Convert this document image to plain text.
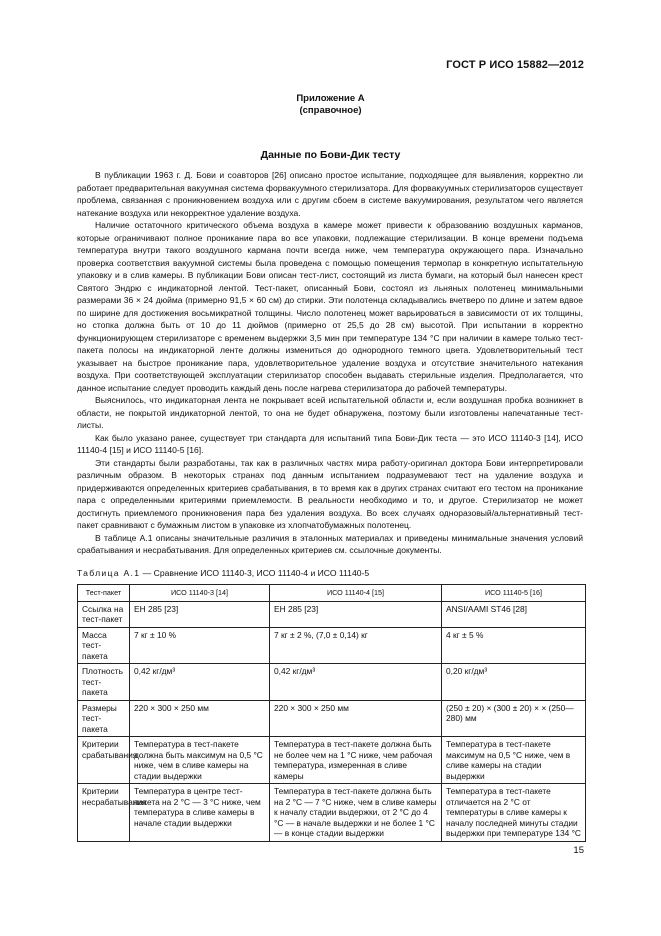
ГОСТ Р ИСО 15882—2012
Приложение А
(справочное)
Данные по Бови-Дик тесту

В публикации 1963 г. Д. Бови и соавторов [26] описано простое испытание, подходящее для выявления, корректно ли работает предварительная вакуумная система форвакуумного стерилизатора. Для форвакуумных стерилизаторов существует проблема, связанная с проникновением воздуха или с другим сбоем в системе вакуумирования, результатом чего является натекание воздуха или некорректное удаление воздуха.

Наличие остаточного критического объема воздуха в камере может привести к образованию воздушных карманов, которые ограничивают полное проникание пара во все упаковки, подлежащие стерилизации. В конце времени подъема температура внутри такого воздушного кармана почти всегда ниже, чем температура окружающего пара. Изначально проверка соответствия вакуумной системы была проведена с помощью помещения термопар в конкретную испытательную упаковку и в слив камеры. В публикации Бови описан тест-лист, состоящий из листа бумаги, на который был нанесен крест Святого Эндрю с индикаторной лентой. Тест-пакет, описанный Бови, состоял из льняных полотенец минимальными размерами 36 × 24 дюйма (примерно 91,5 × 60 см) до стирки. Эти полотенца складывались вчетверо по длине и затем вдвое по ширине для достижения восьмикратной толщины. Число полотенец может варьироваться в зависимости от их толщины, но стопка должна быть от 10 до 11 дюймов (примерно от 25,5 до 28 см) высотой. При испытании в корректно функционирующем стерилизаторе с временем выдержки 3,5 мин при температуре 134 °С при наличии в камере только тест-пакета полосы на индикаторной ленте должны измениться до однородного темного цвета. Удовлетворительный тест указывает на быстрое проникание пара, удовлетворительное удаление воздуха и отсутствие значительного натекания воздуха. При соответствующей эксплуатации стерилизатор способен выдавать стерильные изделия. Предполагается, что данное испытание следует проводить каждый день после нагрева стерилизатора до рабочей температуры.

Выяснилось, что индикаторная лента не покрывает всей испытательной области и, если воздушная пробка возникнет в области, не покрытой индикаторной лентой, то она не будет обнаружена, поэтому были изготовлены напечатанные тест-листы.

Как было указано ранее, существует три стандарта для испытаний типа Бови-Дик теста — это ИСО 11140-3 [14], ИСО 11140-4 [15] и ИСО 11140-5 [16].

Эти стандарты были разработаны, так как в различных частях мира работу-оригинал доктора Бови интерпретировали различным образом. В некоторых странах под данным испытанием подразумевают тест на удаление воздуха и придерживаются определенных критериев срабатывания, в то время как в других странах считают его тестом на проникание пара с определенными критериями приемлемости. В реальности необходимо и то, и другое. Стерилизатор не может достигнуть приемлемого проникновения пара без удаления воздуха. Во всех случаях одноразовый/альтернативный тест-пакет сравнивают с бумажным листом в упаковке из хлопчатобумажных полотенец.

В таблице А.1 описаны значительные различия в эталонных материалах и приведены минимальные значения условий срабатывания и несрабатывания. Для определенных критериев см. ссылочные документы.

Таблица А.1 — Сравнение ИСО 11140-3, ИСО 11140-4 и ИСО 11140-5
Тест-пакет	ИСО 11140-3 [14]	ИСО 11140-4 [15]	ИСО 11140-5 [16]
Ссылка на тест-пакет	ЕН 285 [23]	ЕН 285 [23]	ANSI/AAMI ST46 [28]
Масса тест-пакета	7 кг ± 10 %	7 кг ± 2 %, (7,0 ± 0,14) кг	4 кг ± 5 %
Плотность тест-пакета	0,42 кг/дм³	0,42 кг/дм³	0,20 кг/дм³
Размеры тест-пакета	220 × 300 × 250 мм	220 × 300 × 250 мм	(250 ± 20) × (300 ± 20) × × (250—280) мм
Критерии срабатывания	Температура в тест-пакете должна быть максимум на 0,5 °С ниже, чем в сливе камеры на стадии выдержки	Температура в тест-пакете должна быть не более чем на 1 °С ниже, чем рабочая температура, измеренная в сливе камеры	Температура в тест-пакете максимум на 0,5 °С ниже, чем в сливе камеры на стадии выдержки
Критерии несрабатывания	Температура в центре тест-пакета на 2 °С — 3 °С ниже, чем температура в сливе камеры в начале стадии выдержки	Температура в тест-пакете должна быть на 2 °С — 7 °С ниже, чем в сливе камеры к началу стадии выдержки, от 2 °С до 4 °С — в начале выдержки и не более 1 °С — в конце стадии выдержки	Температура в тест-пакете отличается на 2 °С от температуры в сливе камеры к началу последней минуты стадии выдержки при температуре 134 °С
15
